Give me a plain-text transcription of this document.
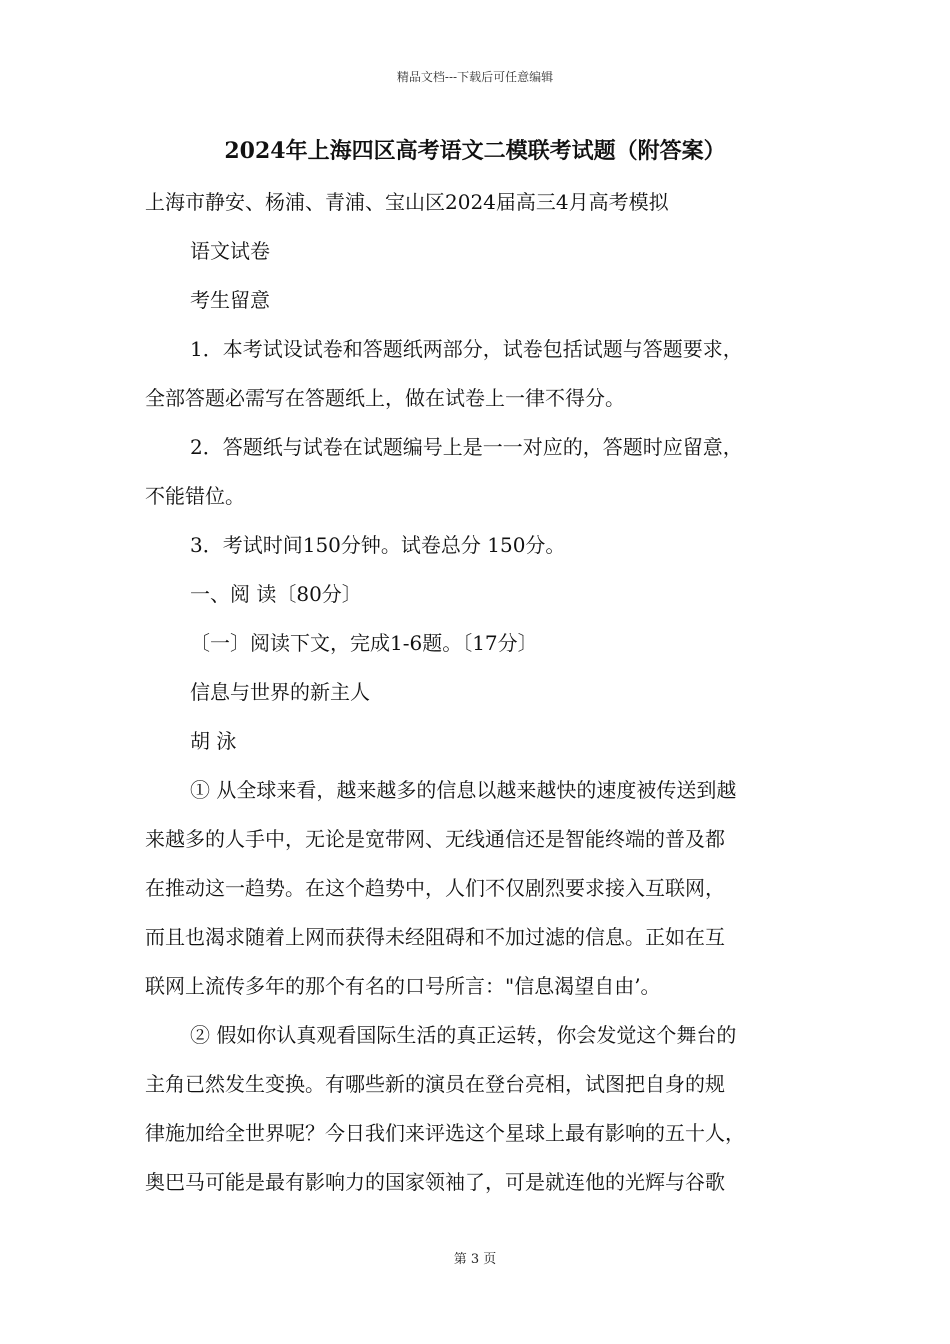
精品文档---下载后可任意编辑
2024年上海四区高考语文二模联考试题（附答案）
上海市静安、杨浦、青浦、宝山区2024届高三4月高考模拟
语文试卷
考生留意
1．本考试设试卷和答题纸两部分，试卷包括试题与答题要求，
全部答题必需写在答题纸上，做在试卷上一律不得分。
2．答题纸与试卷在试题编号上是一一对应的，答题时应留意，
不能错位。
3．考试时间150分钟。试卷总分 150分。
一、阅 读〔80分〕
〔一〕阅读下文，完成1-6题。〔17分〕
信息与世界的新主人
胡 泳
① 从全球来看，越来越多的信息以越来越快的速度被传送到越
来越多的人手中，无论是宽带网、无线通信还是智能终端的普及都
在推动这一趋势。在这个趋势中，人们不仅剧烈要求接入互联网，
而且也渴求随着上网而获得未经阻碍和不加过滤的信息。正如在互
联网上流传多年的那个有名的口号所言："信息渴望自由’。
② 假如你认真观看国际生活的真正运转，你会发觉这个舞台的
主角已然发生变换。有哪些新的演员在登台亮相，试图把自身的规
律施加给全世界呢？今日我们来评选这个星球上最有影响的五十人，
奥巴马可能是最有影响力的国家领袖了，可是就连他的光辉与谷歌
第 3 页
